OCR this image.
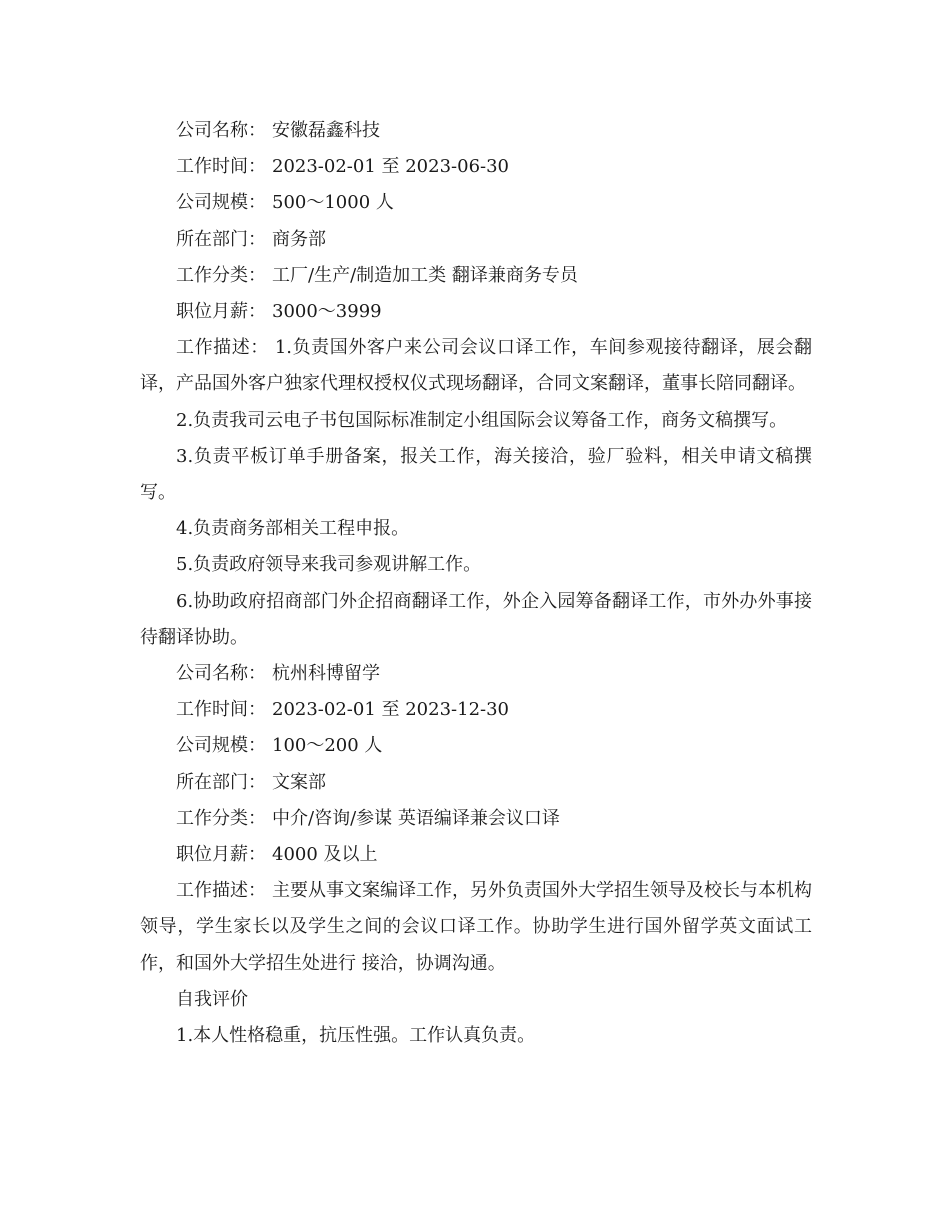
公司名称： 安徽磊鑫科技

工作时间： 2023-02-01 至 2023-06-30

公司规模： 500～1000 人

所在部门： 商务部

工作分类： 工厂/生产/制造加工类 翻译兼商务专员

职位月薪： 3000～3999

工作描述： 1.负责国外客户来公司会议口译工作，车间参观接待翻译，展会翻译，产品国外客户独家代理权授权仪式现场翻译，合同文案翻译，董事长陪同翻译。

2.负责我司云电子书包国际标准制定小组国际会议筹备工作，商务文稿撰写。

3.负责平板订单手册备案，报关工作，海关接洽，验厂验料，相关申请文稿撰写。

4.负责商务部相关工程申报。

5.负责政府领导来我司参观讲解工作。

6.协助政府招商部门外企招商翻译工作，外企入园筹备翻译工作，市外办外事接待翻译协助。

公司名称： 杭州科博留学

工作时间： 2023-02-01 至 2023-12-30

公司规模： 100～200 人

所在部门： 文案部

工作分类： 中介/咨询/参谋 英语编译兼会议口译

职位月薪： 4000 及以上

工作描述： 主要从事文案编译工作，另外负责国外大学招生领导及校长与本机构领导，学生家长以及学生之间的会议口译工作。协助学生进行国外留学英文面试工作，和国外大学招生处进行 接洽，协调沟通。

自我评价

1.本人性格稳重，抗压性强。工作认真负责。
